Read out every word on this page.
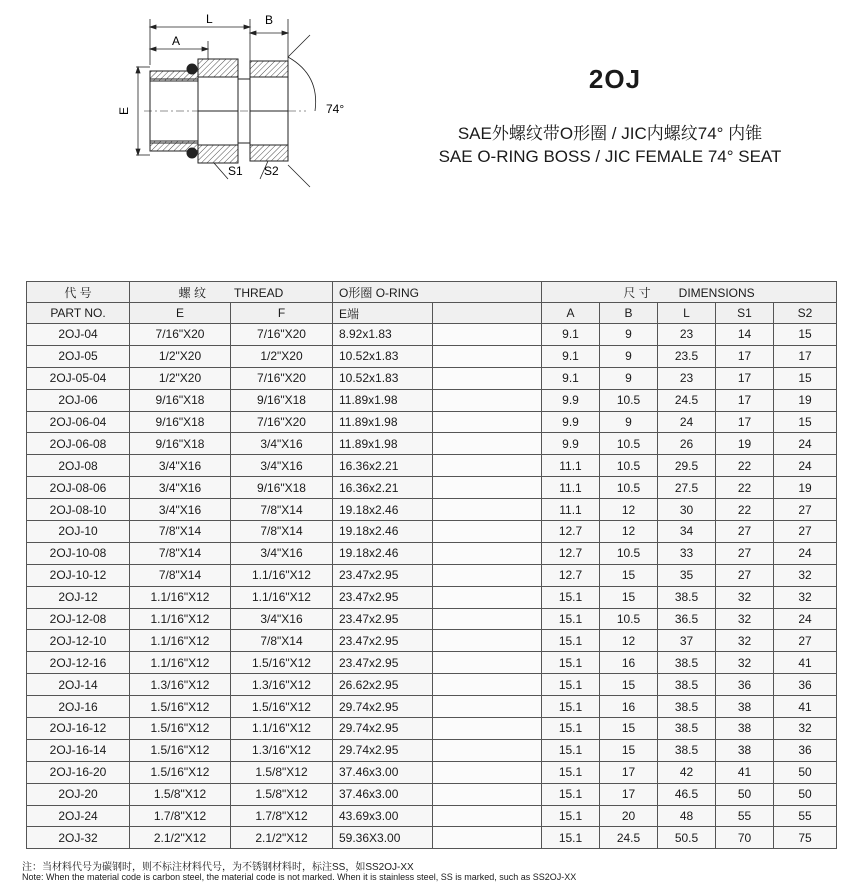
L	B
A
E	74°
S1 S2
2OJ
SAE外螺纹带O形圈 / JIC内螺纹74° 内锥
SAE O-RING BOSS / JIC FEMALE 74° SEAT
代 号	螺 纹 THREAD		O形圈 O-RING		尺 寸 DIMENSIONS				
PART NO.	E	F	E端		A	B	L	S1	S2
2OJ-04	7/16"X20	7/16"X20	8.92x1.83		9.1	9	23	14	15
2OJ-05	1/2"X20	1/2"X20	10.52x1.83		9.1	9	23.5	17	17
2OJ-05-04	1/2"X20	7/16"X20	10.52x1.83		9.1	9	23	17	15
2OJ-06	9/16"X18	9/16"X18	11.89x1.98		9.9	10.5	24.5	17	19
2OJ-06-04	9/16"X18	7/16"X20	11.89x1.98		9.9	9	24	17	15
2OJ-06-08	9/16"X18	3/4"X16	11.89x1.98		9.9	10.5	26	19	24
2OJ-08	3/4"X16	3/4"X16	16.36x2.21		11.1	10.5	29.5	22	24
2OJ-08-06	3/4"X16	9/16"X18	16.36x2.21		11.1	10.5	27.5	22	19
2OJ-08-10	3/4"X16	7/8"X14	19.18x2.46		11.1	12	30	22	27
2OJ-10	7/8"X14	7/8"X14	19.18x2.46		12.7	12	34	27	27
2OJ-10-08	7/8"X14	3/4"X16	19.18x2.46		12.7	10.5	33	27	24
2OJ-10-12	7/8"X14	1.1/16"X12	23.47x2.95		12.7	15	35	27	32
2OJ-12	1.1/16"X12	1.1/16"X12	23.47x2.95		15.1	15	38.5	32	32
2OJ-12-08	1.1/16"X12	3/4"X16	23.47x2.95		15.1	10.5	36.5	32	24
2OJ-12-10	1.1/16"X12	7/8"X14	23.47x2.95		15.1	12	37	32	27
2OJ-12-16	1.1/16"X12	1.5/16"X12	23.47x2.95		15.1	16	38.5	32	41
2OJ-14	1.3/16"X12	1.3/16"X12	26.62x2.95		15.1	15	38.5	36	36
2OJ-16	1.5/16"X12	1.5/16"X12	29.74x2.95		15.1	16	38.5	38	41
2OJ-16-12	1.5/16"X12	1.1/16"X12	29.74x2.95		15.1	15	38.5	38	32
2OJ-16-14	1.5/16"X12	1.3/16"X12	29.74x2.95		15.1	15	38.5	38	36
2OJ-16-20	1.5/16"X12	1.5/8"X12	37.46x3.00		15.1	17	42	41	50
2OJ-20	1.5/8"X12	1.5/8"X12	37.46x3.00		15.1	17	46.5	50	50
2OJ-24	1.7/8"X12	1.7/8"X12	43.69x3.00		15.1	20	48	55	55
2OJ-32	2.1/2"X12	2.1/2"X12	59.36X3.00		15.1	24.5	50.5	70	75
注：当材料代号为碳钢时，则不标注材料代号，为不锈钢材料时，标注SS，如SS2OJ-XX
Note: When the material code is carbon steel, the material code is not marked. When it is stainless steel, SS is marked, such as SS2OJ-XX
